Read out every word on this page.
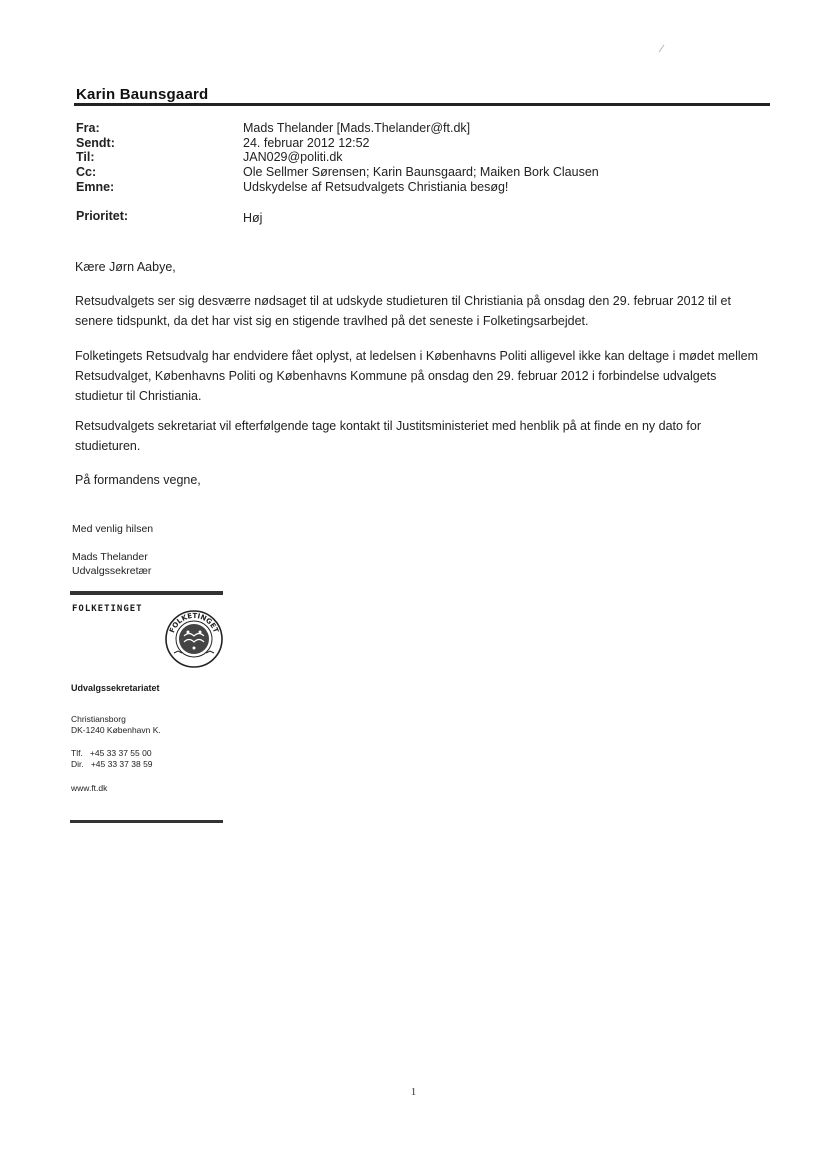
Karin Baunsgaard
Fra:	Mads Thelander [Mads.Thelander@ft.dk]
Sendt:	24. februar 2012 12:52
Til:	JAN029@politi.dk
Cc:	Ole Sellmer Sørensen; Karin Baunsgaard; Maiken Bork Clausen
Emne:	Udskydelse af Retsudvalgets Christiania besøg!
Prioritet:	Høj
Kære Jørn Aabye,
Retsudvalgets ser sig desværre nødsaget til at udskyde studieturen til Christiania på onsdag den 29. februar 2012 til et senere tidspunkt, da det har vist sig en stigende travlhed på det seneste i Folketingsarbejdet.
Folketingets Retsudvalg har endvidere fået oplyst, at ledelsen i Københavns Politi alligevel ikke kan deltage i mødet mellem Retsudvalget, Københavns Politi og Københavns Kommune på onsdag den 29. februar 2012 i forbindelse udvalgets studietur til Christiania.
Retsudvalgets sekretariat vil efterfølgende tage kontakt til Justitsministeriet med henblik på at finde en ny dato for studieturen.
På formandens vegne,
Med venlig hilsen
Mads Thelander
Udvalgssekretær
FOLKETINGET
FOLKETINGET
Udvalgssekretariatet
Christiansborg
DK-1240 København K.
Tlf.   +45 33 37 55 00
Dir.   +45 33 37 38 59
www.ft.dk
1
